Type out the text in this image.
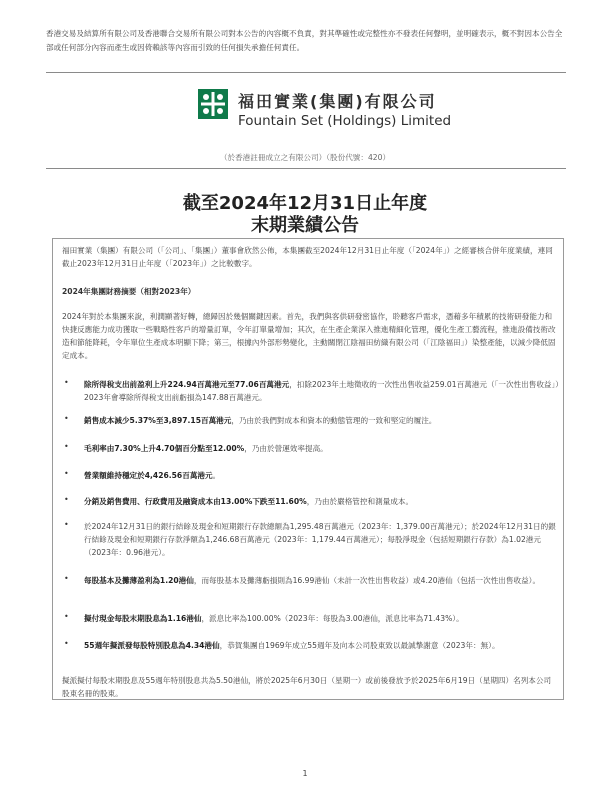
香港交易及結算所有限公司及香港聯合交易所有限公司對本公告的內容概不負責，對其準確性或完整性亦不發表任何聲明，並明確表示，概不對因本公告全部或任何部分內容而產生或因倚賴該等內容而引致的任何損失承擔任何責任。
福田實業(集團)有限公司
Fountain Set (Holdings) Limited
（於香港註冊成立之有限公司）（股份代號：420）
截至2024年12月31日止年度
末期業績公告
福田實業（集團）有限公司（「公司」、「集團」）董事會欣然公佈，本集團截至2024年12月31日止年度（「2024年」）之經審核合併年度業績，連同截止2023年12月31日止年度（「2023年」）之比較數字。
2024年集團財務摘要（相對2023年）
2024年對於本集團來說，利潤顯著好轉，總歸因於幾個關鍵因素。首先，我們與客供研發密協作，聆聽客戶需求，憑藉多年積累的技術研發能力和快捷反應能力成功獲取一些戰略性客戶的增量訂單，令年訂單量增加；其次，在生產企業深入推進精細化管理，優化生產工藝流程，推進設備技術改造和節能降耗，令年單位生產成本明顯下降；第三，根據內外部形勢變化，主動關閉江陰福田紡織有限公司（「江陰福田」）染整產能，以減少降低固定成本。
• 除所得稅支出前盈利上升224.94百萬港元至77.06百萬港元，扣除2023年土地徵收的一次性出售收益259.01百萬港元（「一次性出售收益」）2023年會導除所得稅支出前虧損為147.88百萬港元。
• 銷售成本減少5.37%至3,897.15百萬港元，乃由於我們對成本和資本的動態管理的一致和堅定的履注。
• 毛利率由7.30%上升4.70個百分點至12.00%，乃由於營運效率提高。
• 營業額維持穩定於4,426.56百萬港元。
• 分銷及銷售費用、行政費用及融資成本由13.00%下跌至11.60%，乃由於嚴格管控和測量成本。
• 於2024年12月31日的銀行結餘及現金和短期銀行存款總額為1,295.48百萬港元（2023年：1,379.00百萬港元）；於2024年12月31日的銀行結餘及現金和短期銀行存款淨額為1,246.68百萬港元（2023年：1,179.44百萬港元）；每股淨現金（包括短期銀行存款）為1.02港元（2023年：0.96港元）。
• 每股基本及攤薄盈利為1.20港仙，而每股基本及攤薄虧損則為16.99港仙（未計一次性出售收益）或4.20港仙（包括一次性出售收益）。
• 擬付現金每股末期股息為1.16港仙，派息比率為100.00%（2023年：每股為3.00港仙，派息比率為71.43%）。
• 55週年擬派發每股特別股息為4.34港仙，恭賀集團自1969年成立55週年及向本公司股東致以最誠摯謝意（2023年：無）。
擬派擬付每股末期股息及55週年特別股息共為5.50港仙，將於2025年6月30日（星期一）或前後發放予於2025年6月19日（星期四）名列本公司股東名冊的股東。
1
